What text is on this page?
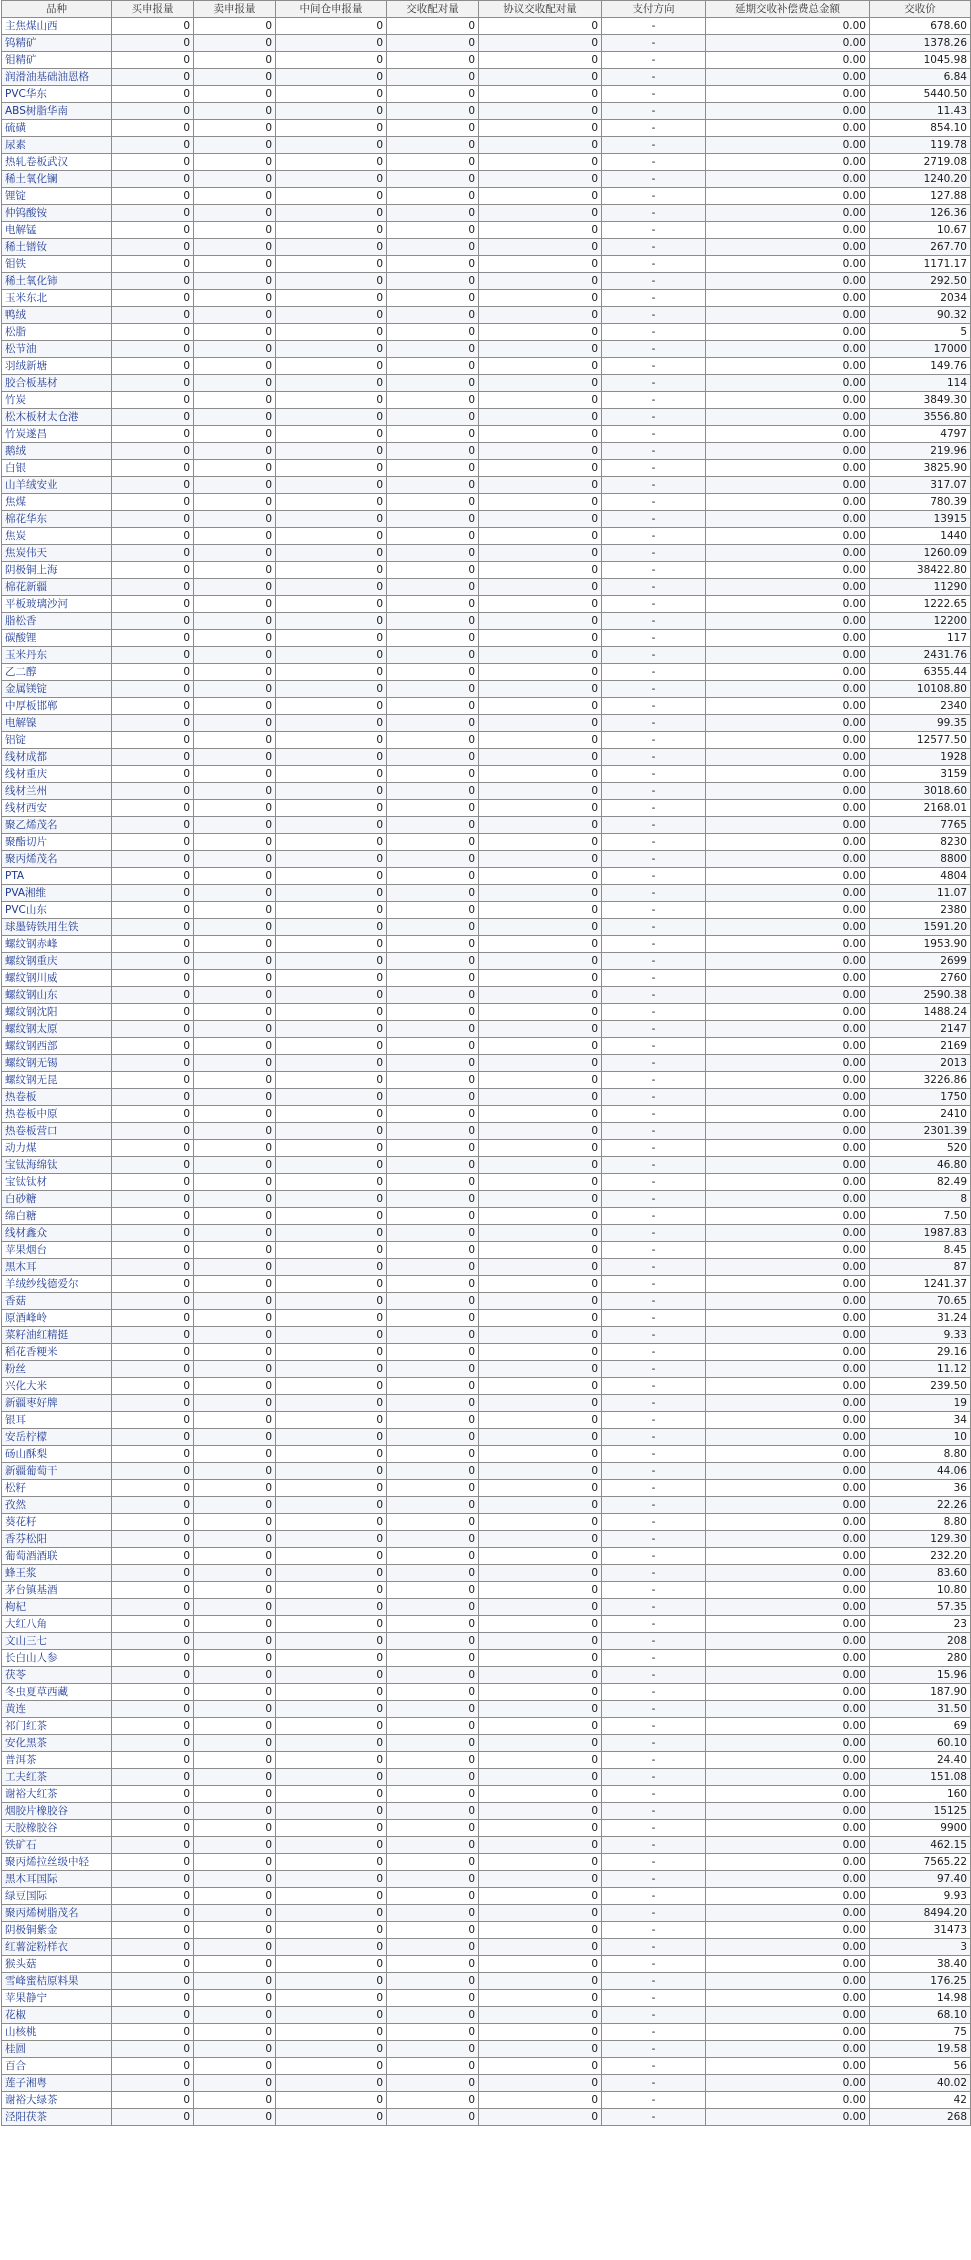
品种	买申报量	卖申报量	中间仓申报量	交收配对量	协议交收配对量	支付方向	延期交收补偿费总金额	交收价
主焦煤山西	0	0	0	0	0	-	0.00	678.60
钨精矿	0	0	0	0	0	-	0.00	1378.26
钼精矿	0	0	0	0	0	-	0.00	1045.98
润滑油基础油恩格	0	0	0	0	0	-	0.00	6.84
PVC华东	0	0	0	0	0	-	0.00	5440.50
ABS树脂华南	0	0	0	0	0	-	0.00	11.43
硫磺	0	0	0	0	0	-	0.00	854.10
尿素	0	0	0	0	0	-	0.00	119.78
热轧卷板武汉	0	0	0	0	0	-	0.00	2719.08
稀土氧化镧	0	0	0	0	0	-	0.00	1240.20
锂锭	0	0	0	0	0	-	0.00	127.88
仲钨酸铵	0	0	0	0	0	-	0.00	126.36
电解锰	0	0	0	0	0	-	0.00	10.67
稀土镨钕	0	0	0	0	0	-	0.00	267.70
钼铁	0	0	0	0	0	-	0.00	1171.17
稀土氧化铈	0	0	0	0	0	-	0.00	292.50
玉米东北	0	0	0	0	0	-	0.00	2034
鸭绒	0	0	0	0	0	-	0.00	90.32
松脂	0	0	0	0	0	-	0.00	5
松节油	0	0	0	0	0	-	0.00	17000
羽绒新塘	0	0	0	0	0	-	0.00	149.76
胶合板基材	0	0	0	0	0	-	0.00	114
竹炭	0	0	0	0	0	-	0.00	3849.30
松木板材太仓港	0	0	0	0	0	-	0.00	3556.80
竹炭遂昌	0	0	0	0	0	-	0.00	4797
鹅绒	0	0	0	0	0	-	0.00	219.96
白银	0	0	0	0	0	-	0.00	3825.90
山羊绒安业	0	0	0	0	0	-	0.00	317.07
焦煤	0	0	0	0	0	-	0.00	780.39
棉花华东	0	0	0	0	0	-	0.00	13915
焦炭	0	0	0	0	0	-	0.00	1440
焦炭伟天	0	0	0	0	0	-	0.00	1260.09
阴极铜上海	0	0	0	0	0	-	0.00	38422.80
棉花新疆	0	0	0	0	0	-	0.00	11290
平板玻璃沙河	0	0	0	0	0	-	0.00	1222.65
脂松香	0	0	0	0	0	-	0.00	12200
碳酸锂	0	0	0	0	0	-	0.00	117
玉米丹东	0	0	0	0	0	-	0.00	2431.76
乙二醇	0	0	0	0	0	-	0.00	6355.44
金属镁锭	0	0	0	0	0	-	0.00	10108.80
中厚板邯郸	0	0	0	0	0	-	0.00	2340
电解镍	0	0	0	0	0	-	0.00	99.35
铝锭	0	0	0	0	0	-	0.00	12577.50
线材成都	0	0	0	0	0	-	0.00	1928
线材重庆	0	0	0	0	0	-	0.00	3159
线材兰州	0	0	0	0	0	-	0.00	3018.60
线材西安	0	0	0	0	0	-	0.00	2168.01
聚乙烯茂名	0	0	0	0	0	-	0.00	7765
聚酯切片	0	0	0	0	0	-	0.00	8230
聚丙烯茂名	0	0	0	0	0	-	0.00	8800
PTA	0	0	0	0	0	-	0.00	4804
PVA湘维	0	0	0	0	0	-	0.00	11.07
PVC山东	0	0	0	0	0	-	0.00	2380
球墨铸铁用生铁	0	0	0	0	0	-	0.00	1591.20
螺纹钢赤峰	0	0	0	0	0	-	0.00	1953.90
螺纹钢重庆	0	0	0	0	0	-	0.00	2699
螺纹钢川威	0	0	0	0	0	-	0.00	2760
螺纹钢山东	0	0	0	0	0	-	0.00	2590.38
螺纹钢沈阳	0	0	0	0	0	-	0.00	1488.24
螺纹钢太原	0	0	0	0	0	-	0.00	2147
螺纹钢西部	0	0	0	0	0	-	0.00	2169
螺纹钢无锡	0	0	0	0	0	-	0.00	2013
螺纹钢无昆	0	0	0	0	0	-	0.00	3226.86
热卷板	0	0	0	0	0	-	0.00	1750
热卷板中原	0	0	0	0	0	-	0.00	2410
热卷板营口	0	0	0	0	0	-	0.00	2301.39
动力煤	0	0	0	0	0	-	0.00	520
宝钛海绵钛	0	0	0	0	0	-	0.00	46.80
宝钛钛材	0	0	0	0	0	-	0.00	82.49
白砂糖	0	0	0	0	0	-	0.00	8
绵白糖	0	0	0	0	0	-	0.00	7.50
线材鑫众	0	0	0	0	0	-	0.00	1987.83
苹果烟台	0	0	0	0	0	-	0.00	8.45
黑木耳	0	0	0	0	0	-	0.00	87
羊绒纱线德爱尔	0	0	0	0	0	-	0.00	1241.37
香菇	0	0	0	0	0	-	0.00	70.65
原酒峰岭	0	0	0	0	0	-	0.00	31.24
菜籽油红精挺	0	0	0	0	0	-	0.00	9.33
稻花香粳米	0	0	0	0	0	-	0.00	29.16
粉丝	0	0	0	0	0	-	0.00	11.12
兴化大米	0	0	0	0	0	-	0.00	239.50
新疆枣好牌	0	0	0	0	0	-	0.00	19
银耳	0	0	0	0	0	-	0.00	34
安岳柠檬	0	0	0	0	0	-	0.00	10
砀山酥梨	0	0	0	0	0	-	0.00	8.80
新疆葡萄干	0	0	0	0	0	-	0.00	44.06
松籽	0	0	0	0	0	-	0.00	36
孜然	0	0	0	0	0	-	0.00	22.26
葵花籽	0	0	0	0	0	-	0.00	8.80
香芬松阳	0	0	0	0	0	-	0.00	129.30
葡萄酒酒联	0	0	0	0	0	-	0.00	232.20
蜂王浆	0	0	0	0	0	-	0.00	83.60
茅台镇基酒	0	0	0	0	0	-	0.00	10.80
枸杞	0	0	0	0	0	-	0.00	57.35
大红八角	0	0	0	0	0	-	0.00	23
文山三七	0	0	0	0	0	-	0.00	208
长白山人参	0	0	0	0	0	-	0.00	280
茯苓	0	0	0	0	0	-	0.00	15.96
冬虫夏草西藏	0	0	0	0	0	-	0.00	187.90
黄连	0	0	0	0	0	-	0.00	31.50
祁门红茶	0	0	0	0	0	-	0.00	69
安化黑茶	0	0	0	0	0	-	0.00	60.10
普洱茶	0	0	0	0	0	-	0.00	24.40
工夫红茶	0	0	0	0	0	-	0.00	151.08
谢裕大红茶	0	0	0	0	0	-	0.00	160
烟胶片橡胶谷	0	0	0	0	0	-	0.00	15125
天胶橡胶谷	0	0	0	0	0	-	0.00	9900
铁矿石	0	0	0	0	0	-	0.00	462.15
聚丙烯拉丝级中轻	0	0	0	0	0	-	0.00	7565.22
黑木耳国际	0	0	0	0	0	-	0.00	97.40
绿豆国际	0	0	0	0	0	-	0.00	9.93
聚丙烯树脂茂名	0	0	0	0	0	-	0.00	8494.20
阴极铜紫金	0	0	0	0	0	-	0.00	31473
红薯淀粉样衣	0	0	0	0	0	-	0.00	3
猴头菇	0	0	0	0	0	-	0.00	38.40
雪峰蜜桔原料果	0	0	0	0	0	-	0.00	176.25
苹果静宁	0	0	0	0	0	-	0.00	14.98
花椒	0	0	0	0	0	-	0.00	68.10
山核桃	0	0	0	0	0	-	0.00	75
桂圆	0	0	0	0	0	-	0.00	19.58
百合	0	0	0	0	0	-	0.00	56
莲子湘粤	0	0	0	0	0	-	0.00	40.02
谢裕大绿茶	0	0	0	0	0	-	0.00	42
泾阳茯茶	0	0	0	0	0	-	0.00	268
